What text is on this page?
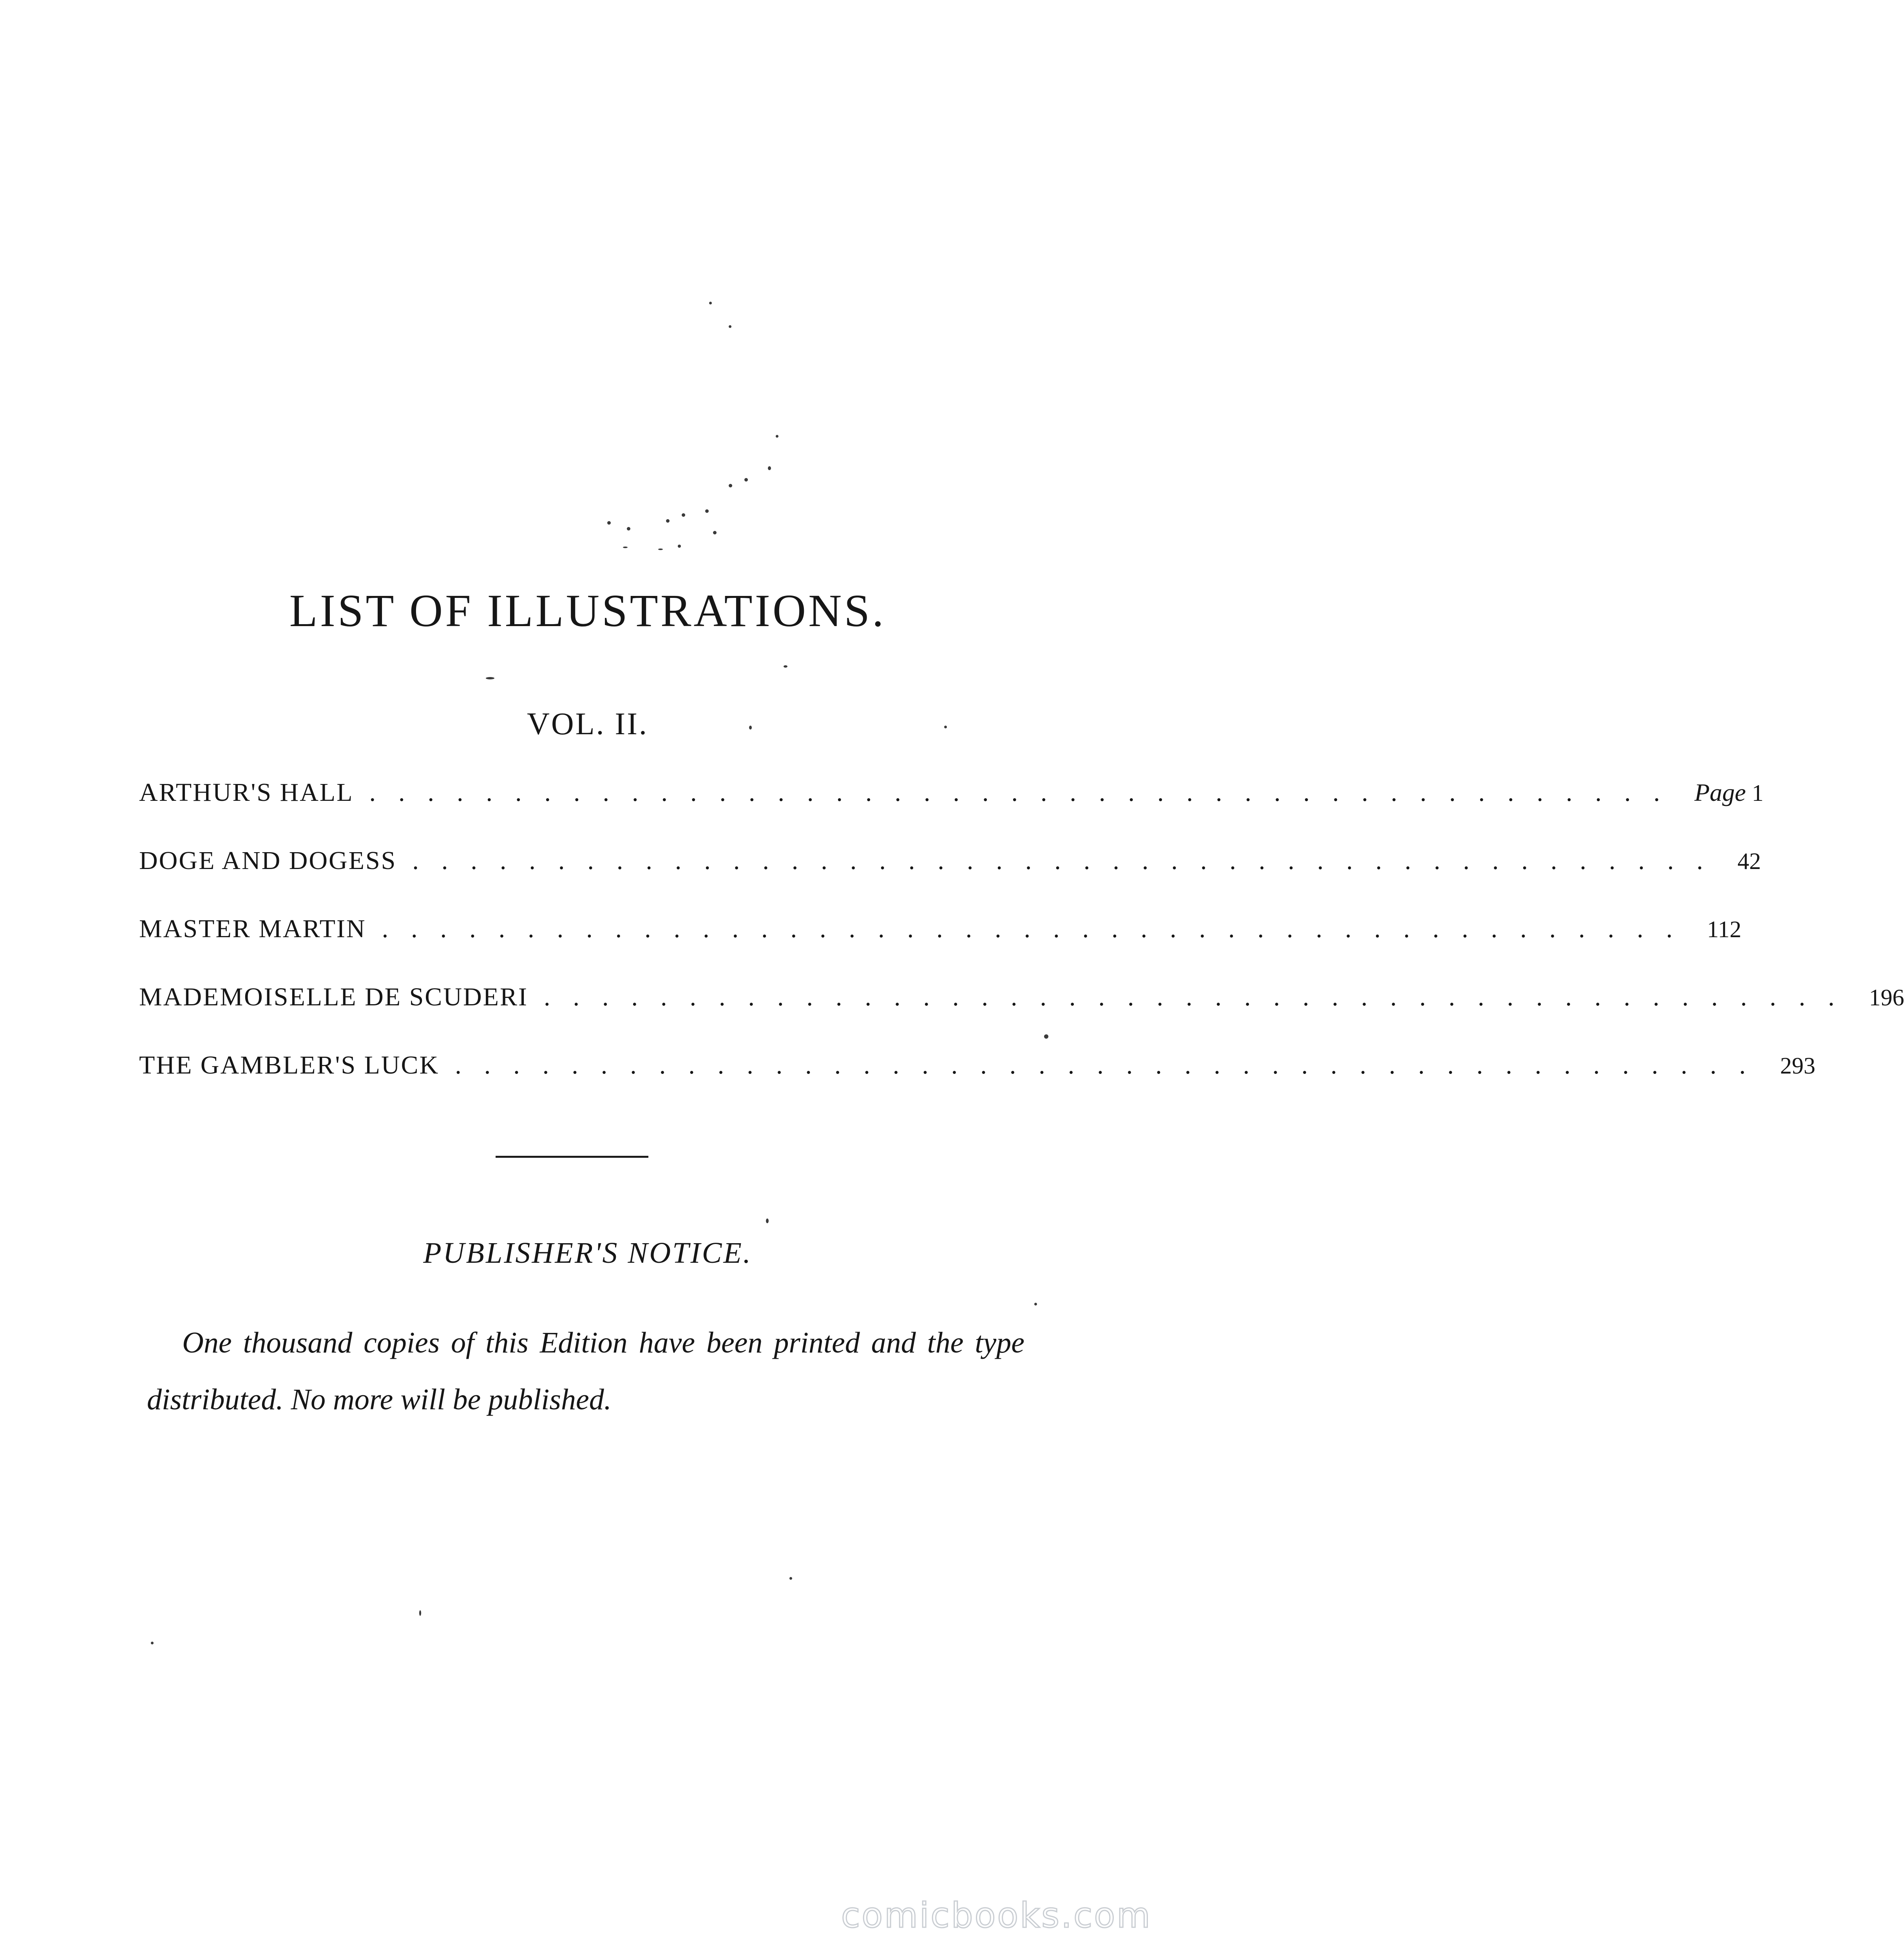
LIST OF ILLUSTRATIONS.
VOL. II.
ARTHUR'S HALL ............................................. Page 1
DOGE AND DOGESS ............................................. 42
MASTER MARTIN ............................................. 112
MADEMOISELLE DE SCUDERI ............................................. 196
THE GAMBLER'S LUCK ............................................. 293
PUBLISHER'S NOTICE.
One thousand copies of this Edition have been printed and the type distributed. No more will be published.
comicbooks.com
